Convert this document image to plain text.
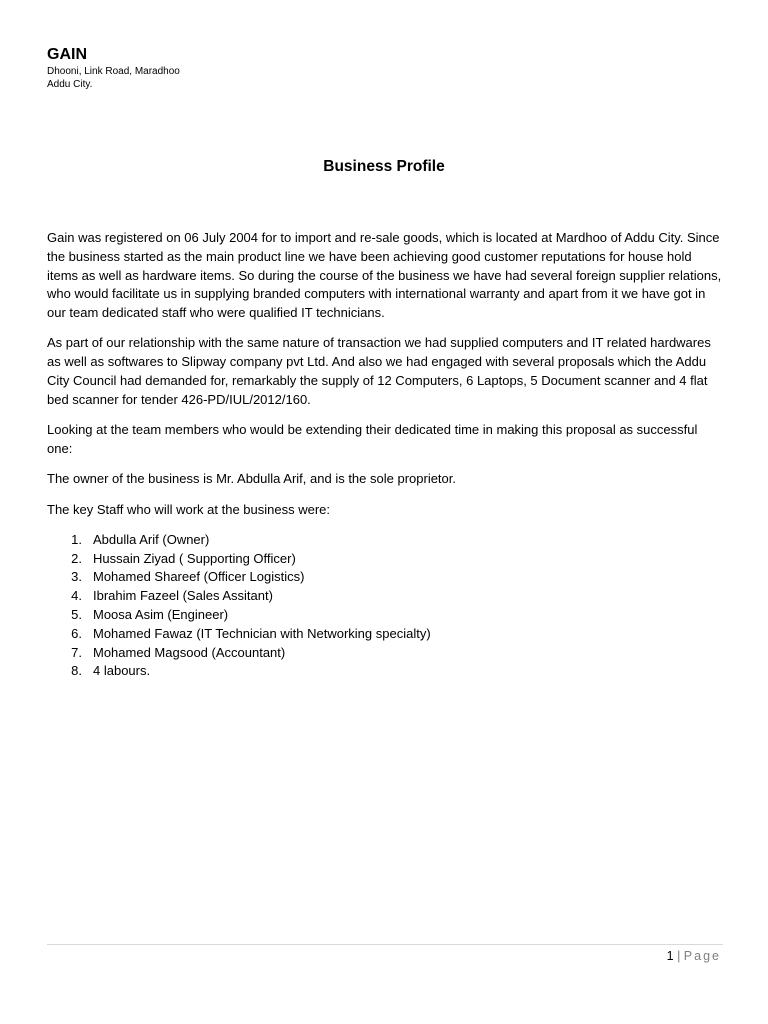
GAIN
Dhooni, Link Road, Maradhoo
Addu City.
Business Profile

Gain was registered on 06 July 2004 for to import and re-sale goods, which is located at Mardhoo of Addu City. Since the business started as the main product line we have been achieving good customer reputations for house hold items as well as hardware items. So during the course of the business we have had several foreign supplier relations, who would facilitate us in supplying branded computers with international warranty and apart from it we have got in our team dedicated staff who were qualified IT technicians.

As part of our relationship with the same nature of transaction we had supplied computers and IT related hardwares as well as softwares to Slipway company pvt Ltd. And also we had engaged with several proposals which the Addu City Council had demanded for, remarkably the supply of 12 Computers, 6 Laptops, 5 Document scanner and 4 flat bed scanner for tender 426-PD/IUL/2012/160.

Looking at the team members who would be extending their dedicated time in making this proposal as successful one:

The owner of the business is Mr. Abdulla Arif, and is the sole proprietor.

The key Staff who will work at the business were:

1. Abdulla Arif (Owner)
2. Hussain Ziyad ( Supporting Officer)
3. Mohamed Shareef (Officer Logistics)
4. Ibrahim Fazeel (Sales Assitant)
5. Moosa Asim (Engineer)
6. Mohamed Fawaz (IT Technician with Networking specialty)
7. Mohamed Magsood (Accountant)
8. 4 labours.
1 | Page
